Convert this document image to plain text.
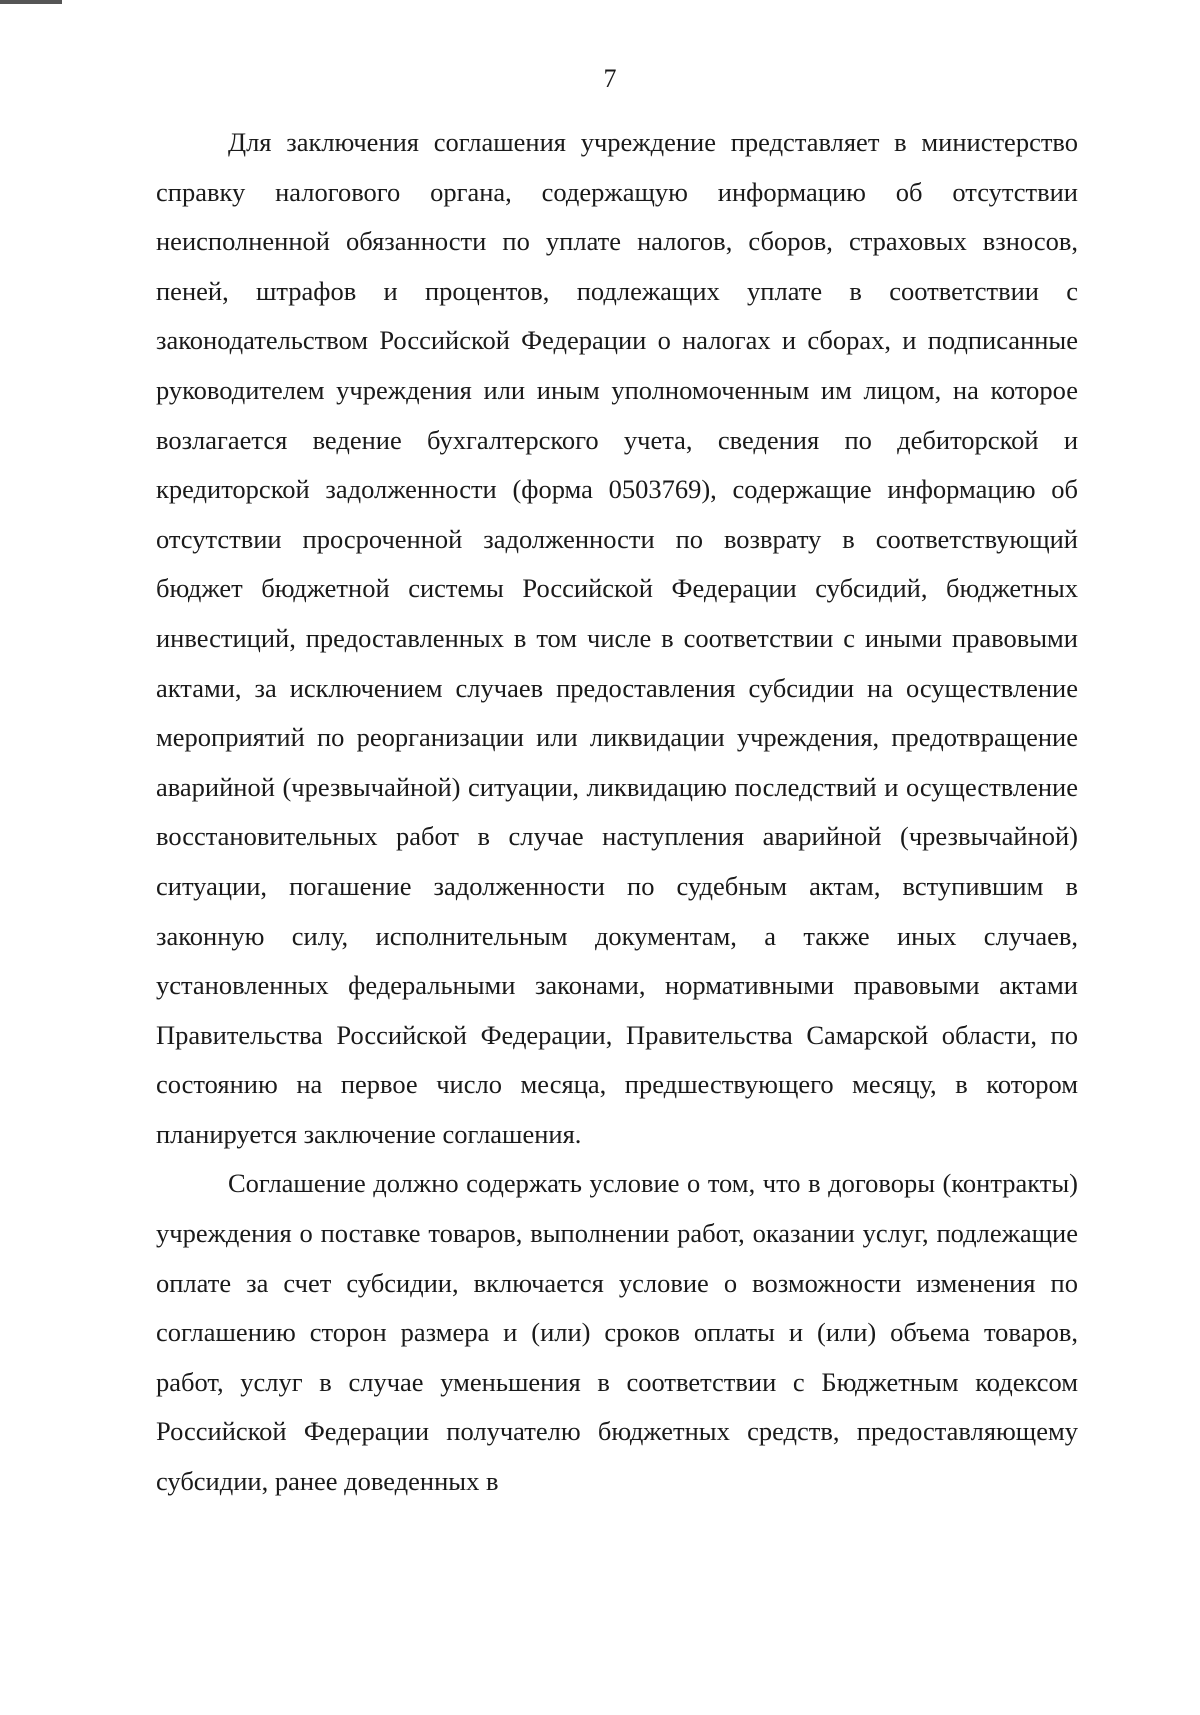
7

Для заключения соглашения учреждение представляет в министерство справку налогового органа, содержащую информацию об отсутствии неисполненной обязанности по уплате налогов, сборов, страховых взносов, пеней, штрафов и процентов, подлежащих уплате в соответствии с законодательством Российской Федерации о налогах и сборах, и подписанные руководителем учреждения или иным уполномоченным им лицом, на которое возлагается ведение бухгалтерского учета, сведения по дебиторской и кредиторской задолженности (форма 0503769), содержащие информацию об отсутствии просроченной задолженности по возврату в соответствующий бюджет бюджетной системы Российской Федерации субсидий, бюджетных инвестиций, предоставленных в том числе в соответствии с иными правовыми актами, за исключением случаев предоставления субсидии на осуществление мероприятий по реорганизации или ликвидации учреждения, предотвращение аварийной (чрезвычайной) ситуации, ликвидацию последствий и осуществление восстановительных работ в случае наступления аварийной (чрезвычайной) ситуации, погашение задолженности по судебным актам, вступившим в законную силу, исполнительным документам, а также иных случаев, установленных федеральными законами, нормативными правовыми актами Правительства Российской Федерации, Правительства Самарской области, по состоянию на первое число месяца, предшествующего месяцу, в котором планируется заключение соглашения.

Соглашение должно содержать условие о том, что в договоры (контракты) учреждения о поставке товаров, выполнении работ, оказании услуг, подлежащие оплате за счет субсидии, включается условие о возможности изменения по соглашению сторон размера и (или) сроков оплаты и (или) объема товаров, работ, услуг в случае уменьшения в соответствии с Бюджетным кодексом Российской Федерации получателю бюджетных средств, предоставляющему субсидии, ранее доведенных в
